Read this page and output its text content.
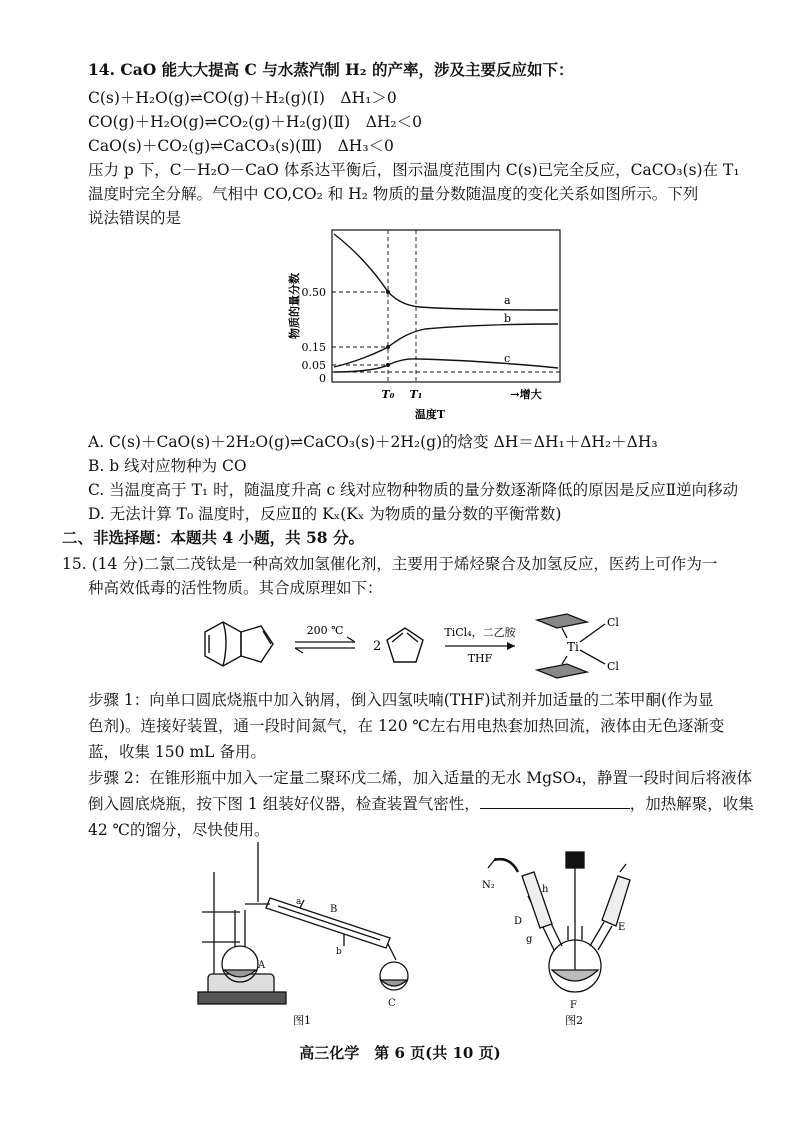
14. CaO 能大大提高 C 与水蒸汽制 H₂ 的产率，涉及主要反应如下：
C(s)＋H₂O(g)⇌CO(g)＋H₂(g)(Ⅰ)　ΔH₁＞0
CO(g)＋H₂O(g)⇌CO₂(g)＋H₂(g)(Ⅱ)　ΔH₂＜0
CaO(s)＋CO₂(g)⇌CaCO₃(s)(Ⅲ)　ΔH₃＜0
压力 p 下，C－H₂O－CaO 体系达平衡后，图示温度范围内 C(s)已完全反应，CaCO₃(s)在 T₁
温度时完全分解。气相中 CO,CO₂ 和 H₂ 物质的量分数随温度的变化关系如图所示。下列
说法错误的是
a
b
c
0.50
0.15
0.05
0
物质的量分数
T₀ T₁	→增大
温度T
A. C(s)＋CaO(s)＋2H₂O(g)⇌CaCO₃(s)＋2H₂(g)的焓变 ΔH＝ΔH₁＋ΔH₂＋ΔH₃
B. b 线对应物种为 CO
C. 当温度高于 T₁ 时，随温度升高 c 线对应物种物质的量分数逐渐降低的原因是反应Ⅱ逆向移动
D. 无法计算 T₀ 温度时，反应Ⅱ的 Kₓ(Kₓ 为物质的量分数的平衡常数)
二、非选择题：本题共 4 小题，共 58 分。
15. (14 分)二氯二茂钛是一种高效加氢催化剂，主要用于烯烃聚合及加氢反应，医药上可作为一
种高效低毒的活性物质。其合成原理如下：
200 ℃
2
TiCl₄，二乙胺
THF
Ti
Cl
Cl
步骤 1：向单口圆底烧瓶中加入钠屑，倒入四氢呋喃(THF)试剂并加适量的二苯甲酮(作为显
色剂)。连接好装置，通一段时间氮气，在 120 ℃左右用电热套加热回流，液体由无色逐渐变
蓝，收集 150 mL 备用。
步骤 2：在锥形瓶中加入一定量二聚环戊二烯，加入适量的无水 MgSO₄，静置一段时间后将液体
倒入圆底烧瓶，按下图 1 组装好仪器，检查装置气密性，	，加热解聚，收集
42 ℃的馏分，尽快使用。
a
B
b
A
C
图1
N₂	h
D
g
E
F
图2
高三化学　第 6 页(共 10 页)
